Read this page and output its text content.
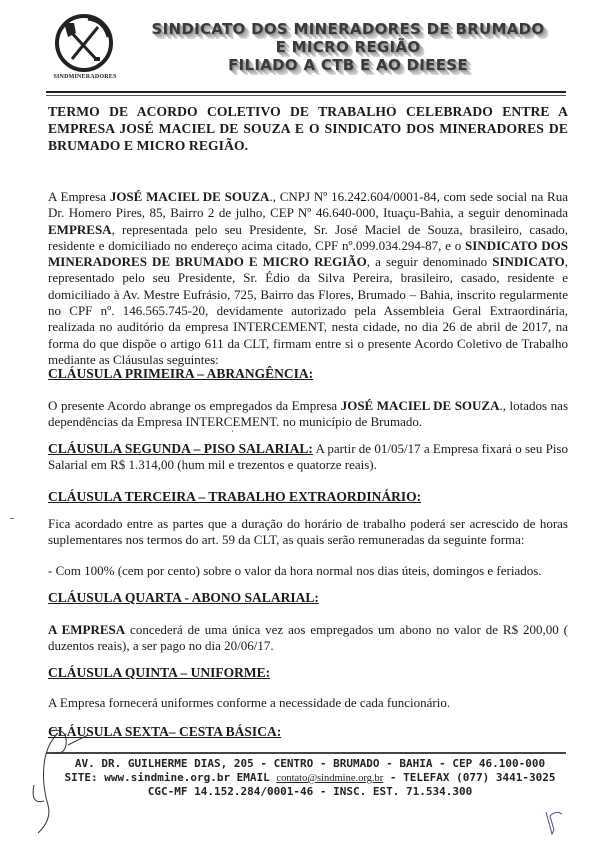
SINDMINERADORES
SINDICATO DOS MINERADORES DE BRUMADO
E MICRO REGIÃO
FILIADO A CTB E AO DIEESE
TERMO DE ACORDO COLETIVO DE TRABALHO CELEBRADO ENTRE A EMPRESA JOSÉ MACIEL DE SOUZA E O SINDICATO DOS MINERADORES DE BRUMADO E MICRO REGIÃO.
A Empresa JOSÉ MACIEL DE SOUZA., CNPJ Nº 16.242.604/0001-84, com sede social na Rua Dr. Homero Pires, 85, Bairro 2 de julho, CEP Nº 46.640-000, Ituaçu-Bahia, a seguir denominada EMPRESA, representada pelo seu Presidente, Sr. José Maciel de Souza, brasileiro, casado, residente e domiciliado no endereço acima citado, CPF nº.099.034.294-87, e o SINDICATO DOS MINERADORES DE BRUMADO E MICRO REGIÃO, a seguir denominado SINDICATO, representado pelo seu Presidente, Sr. Édio da Silva Pereira, brasileiro, casado, residente e domiciliado à Av. Mestre Eufrásio, 725, Bairro das Flores, Brumado – Bahia, inscrito regularmente no CPF nº. 146.565.745-20, devidamente autorizado pela Assembleia Geral Extraordinária, realizada no auditório da empresa INTERCEMENT, nesta cidade, no dia 26 de abril de 2017, na forma do que dispõe o artigo 611 da CLT, firmam entre si o presente Acordo Coletivo de Trabalho mediante as Cláusulas seguintes:
CLÁUSULA PRIMEIRA – ABRANGÊNCIA:
O presente Acordo abrange os empregados da Empresa JOSÉ MACIEL DE SOUZA., lotados nas dependências da Empresa INTERCEMENT. no município de Brumado.
CLÁUSULA SEGUNDA – PISO SALARIAL: A partir de 01/05/17 a Empresa fixará o seu Piso Salarial em R$ 1.314,00 (hum mil e trezentos e quatorze reais).
CLÁUSULA TERCEIRA – TRABALHO EXTRAORDINÁRIO:
Fica acordado entre as partes que a duração do horário de trabalho poderá ser acrescido de horas suplementares nos termos do art. 59 da CLT, as quais serão remuneradas da seguinte forma:
- Com 100% (cem por cento) sobre o valor da hora normal nos dias úteis, domingos e feriados.
CLÁUSULA QUARTA - ABONO SALARIAL:
A EMPRESA concederá de uma única vez aos empregados um abono no valor de R$ 200,00 ( duzentos reais), a ser pago no dia 20/06/17.
CLÁUSULA QUINTA – UNIFORME:
A Empresa fornecerá uniformes conforme a necessidade de cada funcionário.
CLÁUSULA SEXTA– CESTA BÁSICA:
AV. DR. GUILHERME DIAS, 205 - CENTRO - BRUMADO - BAHIA - CEP 46.100-000
SITE: www.sindmine.org.br EMAIL contato@sindmine.org.br - TELEFAX (077) 3441-3025
CGC-MF 14.152.284/0001-46 - INSC. EST. 71.534.300
